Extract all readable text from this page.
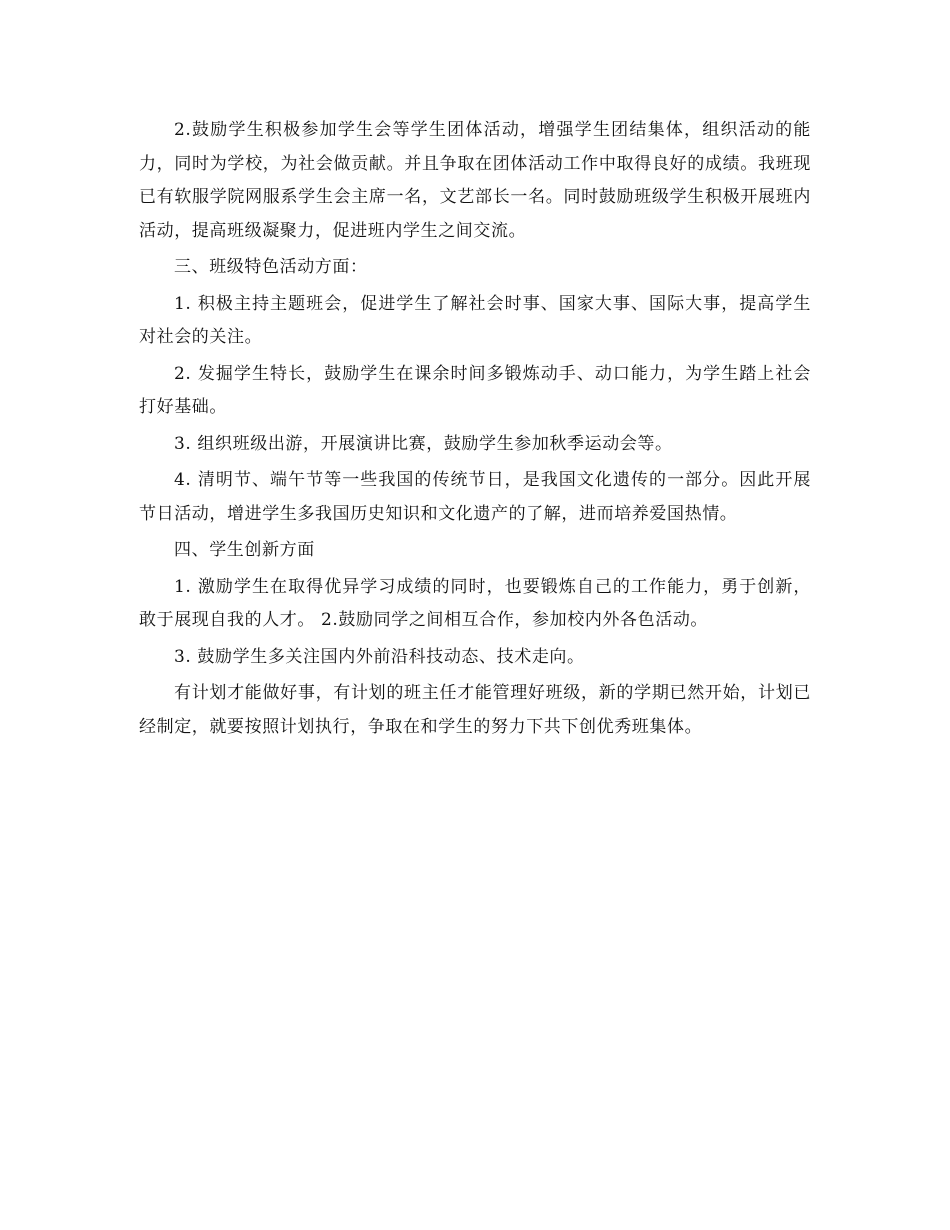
2.鼓励学生积极参加学生会等学生团体活动，增强学生团结集体，组织活动的能力，同时为学校，为社会做贡献。并且争取在团体活动工作中取得良好的成绩。我班现已有软服学院网服系学生会主席一名，文艺部长一名。同时鼓励班级学生积极开展班内活动，提高班级凝聚力，促进班内学生之间交流。

三、班级特色活动方面：

1. 积极主持主题班会，促进学生了解社会时事、国家大事、国际大事，提高学生对社会的关注。

2. 发掘学生特长，鼓励学生在课余时间多锻炼动手、动口能力，为学生踏上社会打好基础。

3. 组织班级出游，开展演讲比赛，鼓励学生参加秋季运动会等。

4. 清明节、端午节等一些我国的传统节日，是我国文化遗传的一部分。因此开展节日活动，增进学生多我国历史知识和文化遗产的了解，进而培养爱国热情。

四、学生创新方面

1. 激励学生在取得优异学习成绩的同时，也要锻炼自己的工作能力，勇于创新，敢于展现自我的人才。 2.鼓励同学之间相互合作，参加校内外各色活动。

3. 鼓励学生多关注国内外前沿科技动态、技术走向。

有计划才能做好事，有计划的班主任才能管理好班级，新的学期已然开始，计划已经制定，就要按照计划执行，争取在和学生的努力下共下创优秀班集体。
